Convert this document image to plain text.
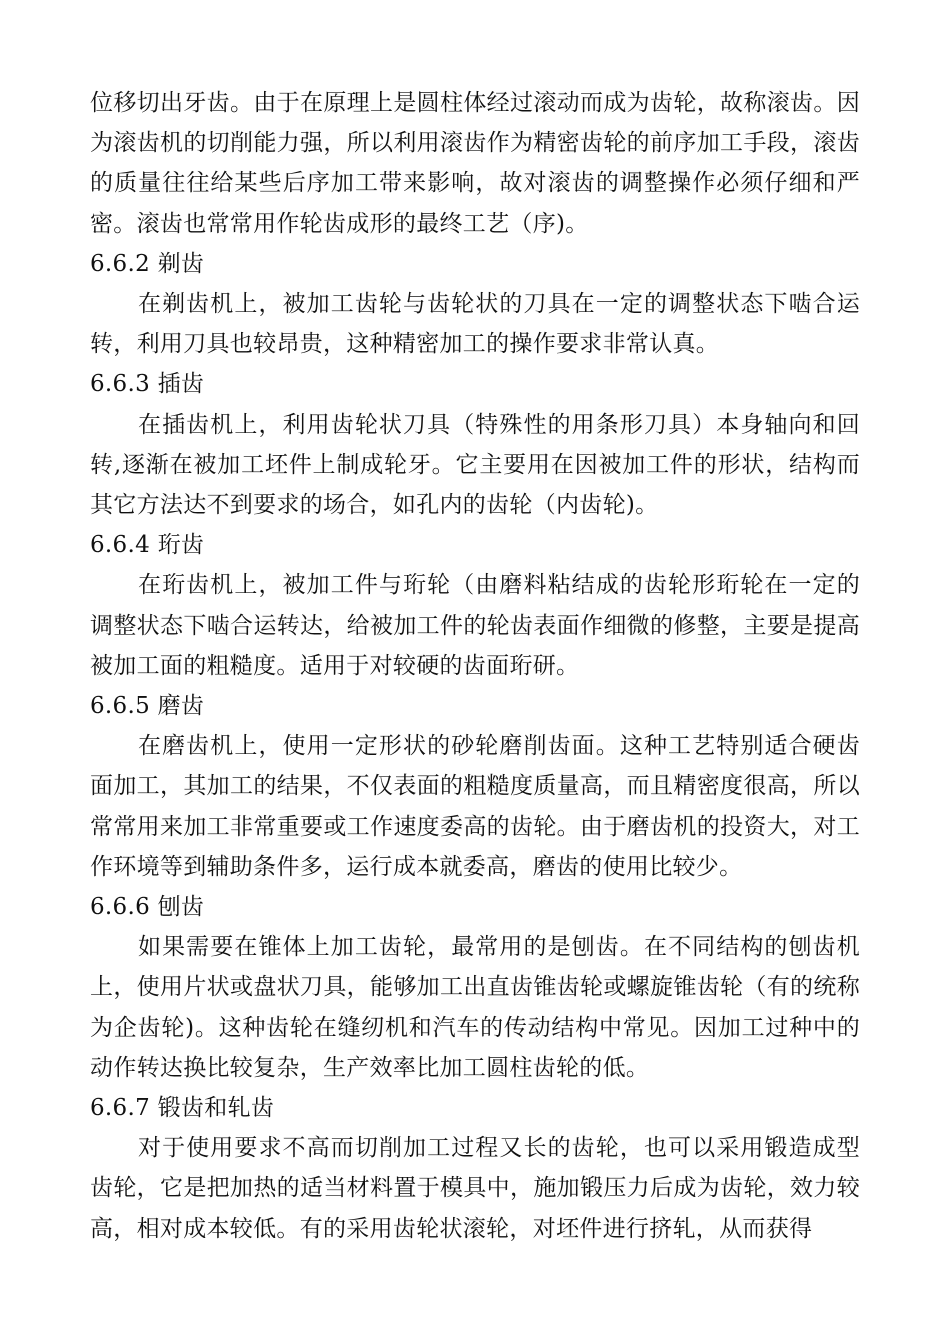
位移切出牙齿。由于在原理上是圆柱体经过滚动而成为齿轮，故称滚齿。因为滚齿机的切削能力强，所以利用滚齿作为精密齿轮的前序加工手段，滚齿的质量往往给某些后序加工带来影响，故对滚齿的调整操作必须仔细和严密。滚齿也常常用作轮齿成形的最终工艺（序)。

6.6.2 剃齿

在剃齿机上，被加工齿轮与齿轮状的刀具在一定的调整状态下啮合运转，利用刀具也较昂贵，这种精密加工的操作要求非常认真。

6.6.3 插齿

在插齿机上，利用齿轮状刀具（特殊性的用条形刀具）本身轴向和回转,逐渐在被加工坯件上制成轮牙。它主要用在因被加工件的形状，结构而其它方法达不到要求的场合，如孔内的齿轮（内齿轮)。

6.6.4 珩齿

在珩齿机上，被加工件与珩轮（由磨料粘结成的齿轮形珩轮在一定的调整状态下啮合运转达，给被加工件的轮齿表面作细微的修整，主要是提高被加工面的粗糙度。适用于对较硬的齿面珩研。

6.6.5 磨齿

在磨齿机上，使用一定形状的砂轮磨削齿面。这种工艺特别适合硬齿面加工，其加工的结果，不仅表面的粗糙度质量高，而且精密度很高，所以常常用来加工非常重要或工作速度委高的齿轮。由于磨齿机的投资大，对工作环境等到辅助条件多，运行成本就委高，磨齿的使用比较少。

6.6.6 刨齿

如果需要在锥体上加工齿轮，最常用的是刨齿。在不同结构的刨齿机上，使用片状或盘状刀具，能够加工出直齿锥齿轮或螺旋锥齿轮（有的统称为企齿轮)。这种齿轮在缝纫机和汽车的传动结构中常见。因加工过种中的动作转达换比较复杂，生产效率比加工圆柱齿轮的低。

6.6.7 锻齿和轧齿

对于使用要求不高而切削加工过程又长的齿轮，也可以采用锻造成型齿轮，它是把加热的适当材料置于模具中，施加锻压力后成为齿轮，效力较高，相对成本较低。有的采用齿轮状滚轮，对坯件进行挤轧，从而获得
